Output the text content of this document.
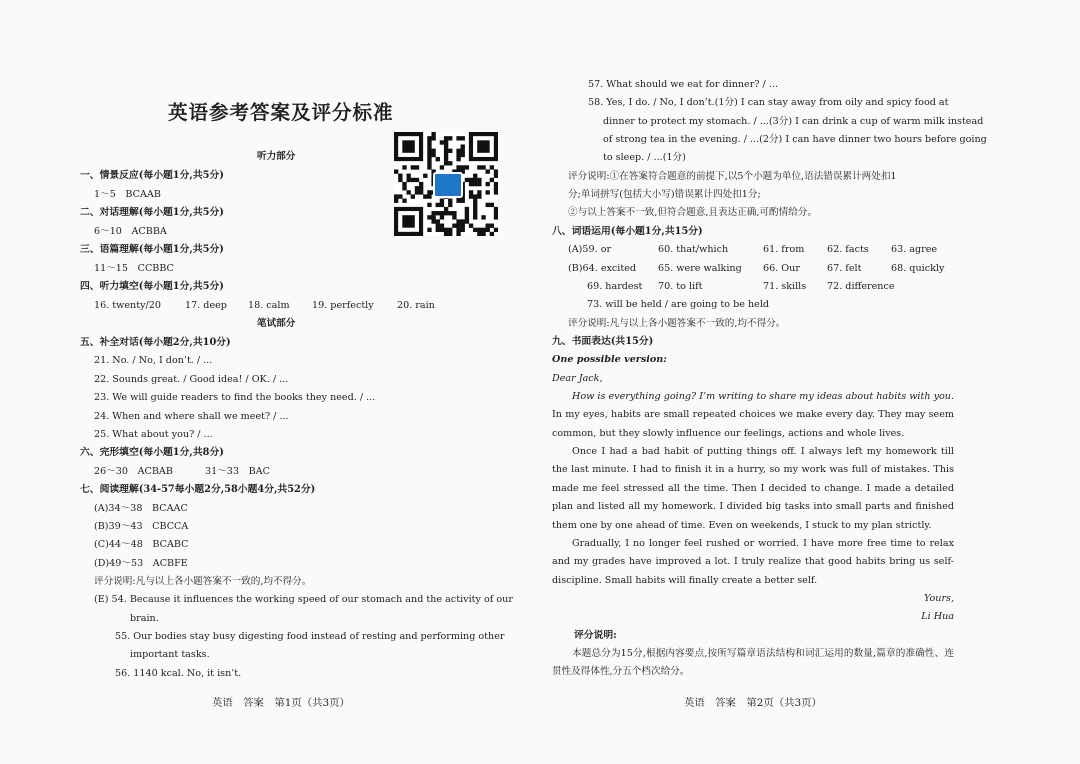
英语参考答案及评分标准
听力部分
一、情景反应(每小题1分,共5分)
1～5　BCAAB
二、对话理解(每小题1分,共5分)
6～10　ACBBA
三、语篇理解(每小题1分,共5分)
11～15　CCBBC
四、听力填空(每小题1分,共5分)
16. twenty/20	17. deep 18. calm 19. perfectly 20. rain
笔试部分
五、补全对话(每小题2分,共10分)
21. No. / No, I don’t. / ...
22. Sounds great. / Good idea! / OK. / ...
23. We will guide readers to find the books they need. / ...
24. When and where shall we meet? / ...
25. What about you? / ...
六、完形填空(每小题1分,共8分)
26～30　ACBAB	31～33　BAC
七、阅读理解(34-57每小题2分,58小题4分,共52分)
(A)34～38　BCAAC
(B)39～43　CBCCA
(C)44～48　BCABC
(D)49～53　ACBFE
评分说明:凡与以上各小题答案不一致的,均不得分。
(E) 54. Because it influences the working speed of our stomach and the activity of our
brain.
55. Our bodies stay busy digesting food instead of resting and performing other
important tasks.
56. 1140 kcal. No, it isn’t.
英语　答案　第1页（共3页）
57. What should we eat for dinner? / ...
58. Yes, I do. / No, I don’t.(1分) I can stay away from oily and spicy food at
dinner to protect my stomach. / ...(3分) I can drink a cup of warm milk instead
of strong tea in the evening. / ...(2分) I can have dinner two hours before going
to sleep. / ...(1分)
评分说明:①在答案符合题意的前提下,以5个小题为单位,语法错误累计两处扣1
分;单词拼写(包括大小写)错误累计四处扣1分;
②与以上答案不一致,但符合题意,且表达正确,可酌情给分。
八、词语运用(每小题1分,共15分)
(A)59. or	60. that/which	61. from 62. facts 63. agree
(B)64. excited 65. were walking 66. Our	67. felt	68. quickly
69. hardest 70. to lift	71. skills 72. difference
73. will be held / are going to be held
评分说明:凡与以上各小题答案不一致的,均不得分。
九、书面表达(共15分)
One possible version:
Dear Jack,
How is everything going? I’m writing to share my ideas about habits with you. In my eyes, habits are small repeated choices we make every day. They may seem common, but they slowly influence our feelings, actions and whole lives.
Once I had a bad habit of putting things off. I always left my homework till the last minute. I had to finish it in a hurry, so my work was full of mistakes. This made me feel stressed all the time. Then I decided to change. I made a detailed plan and listed all my homework. I divided big tasks into small parts and finished them one by one ahead of time. Even on weekends, I stuck to my plan strictly.
Gradually, I no longer feel rushed or worried. I have more free time to relax and my grades have improved a lot. I truly realize that good habits bring us self-discipline. Small habits will finally create a better self.
Yours,
Li Hua
评分说明:
本题总分为15分,根据内容要点,按所写篇章语法结构和词汇运用的数量,篇章的准确性、连贯性及得体性,分五个档次给分。
英语　答案　第2页（共3页）
